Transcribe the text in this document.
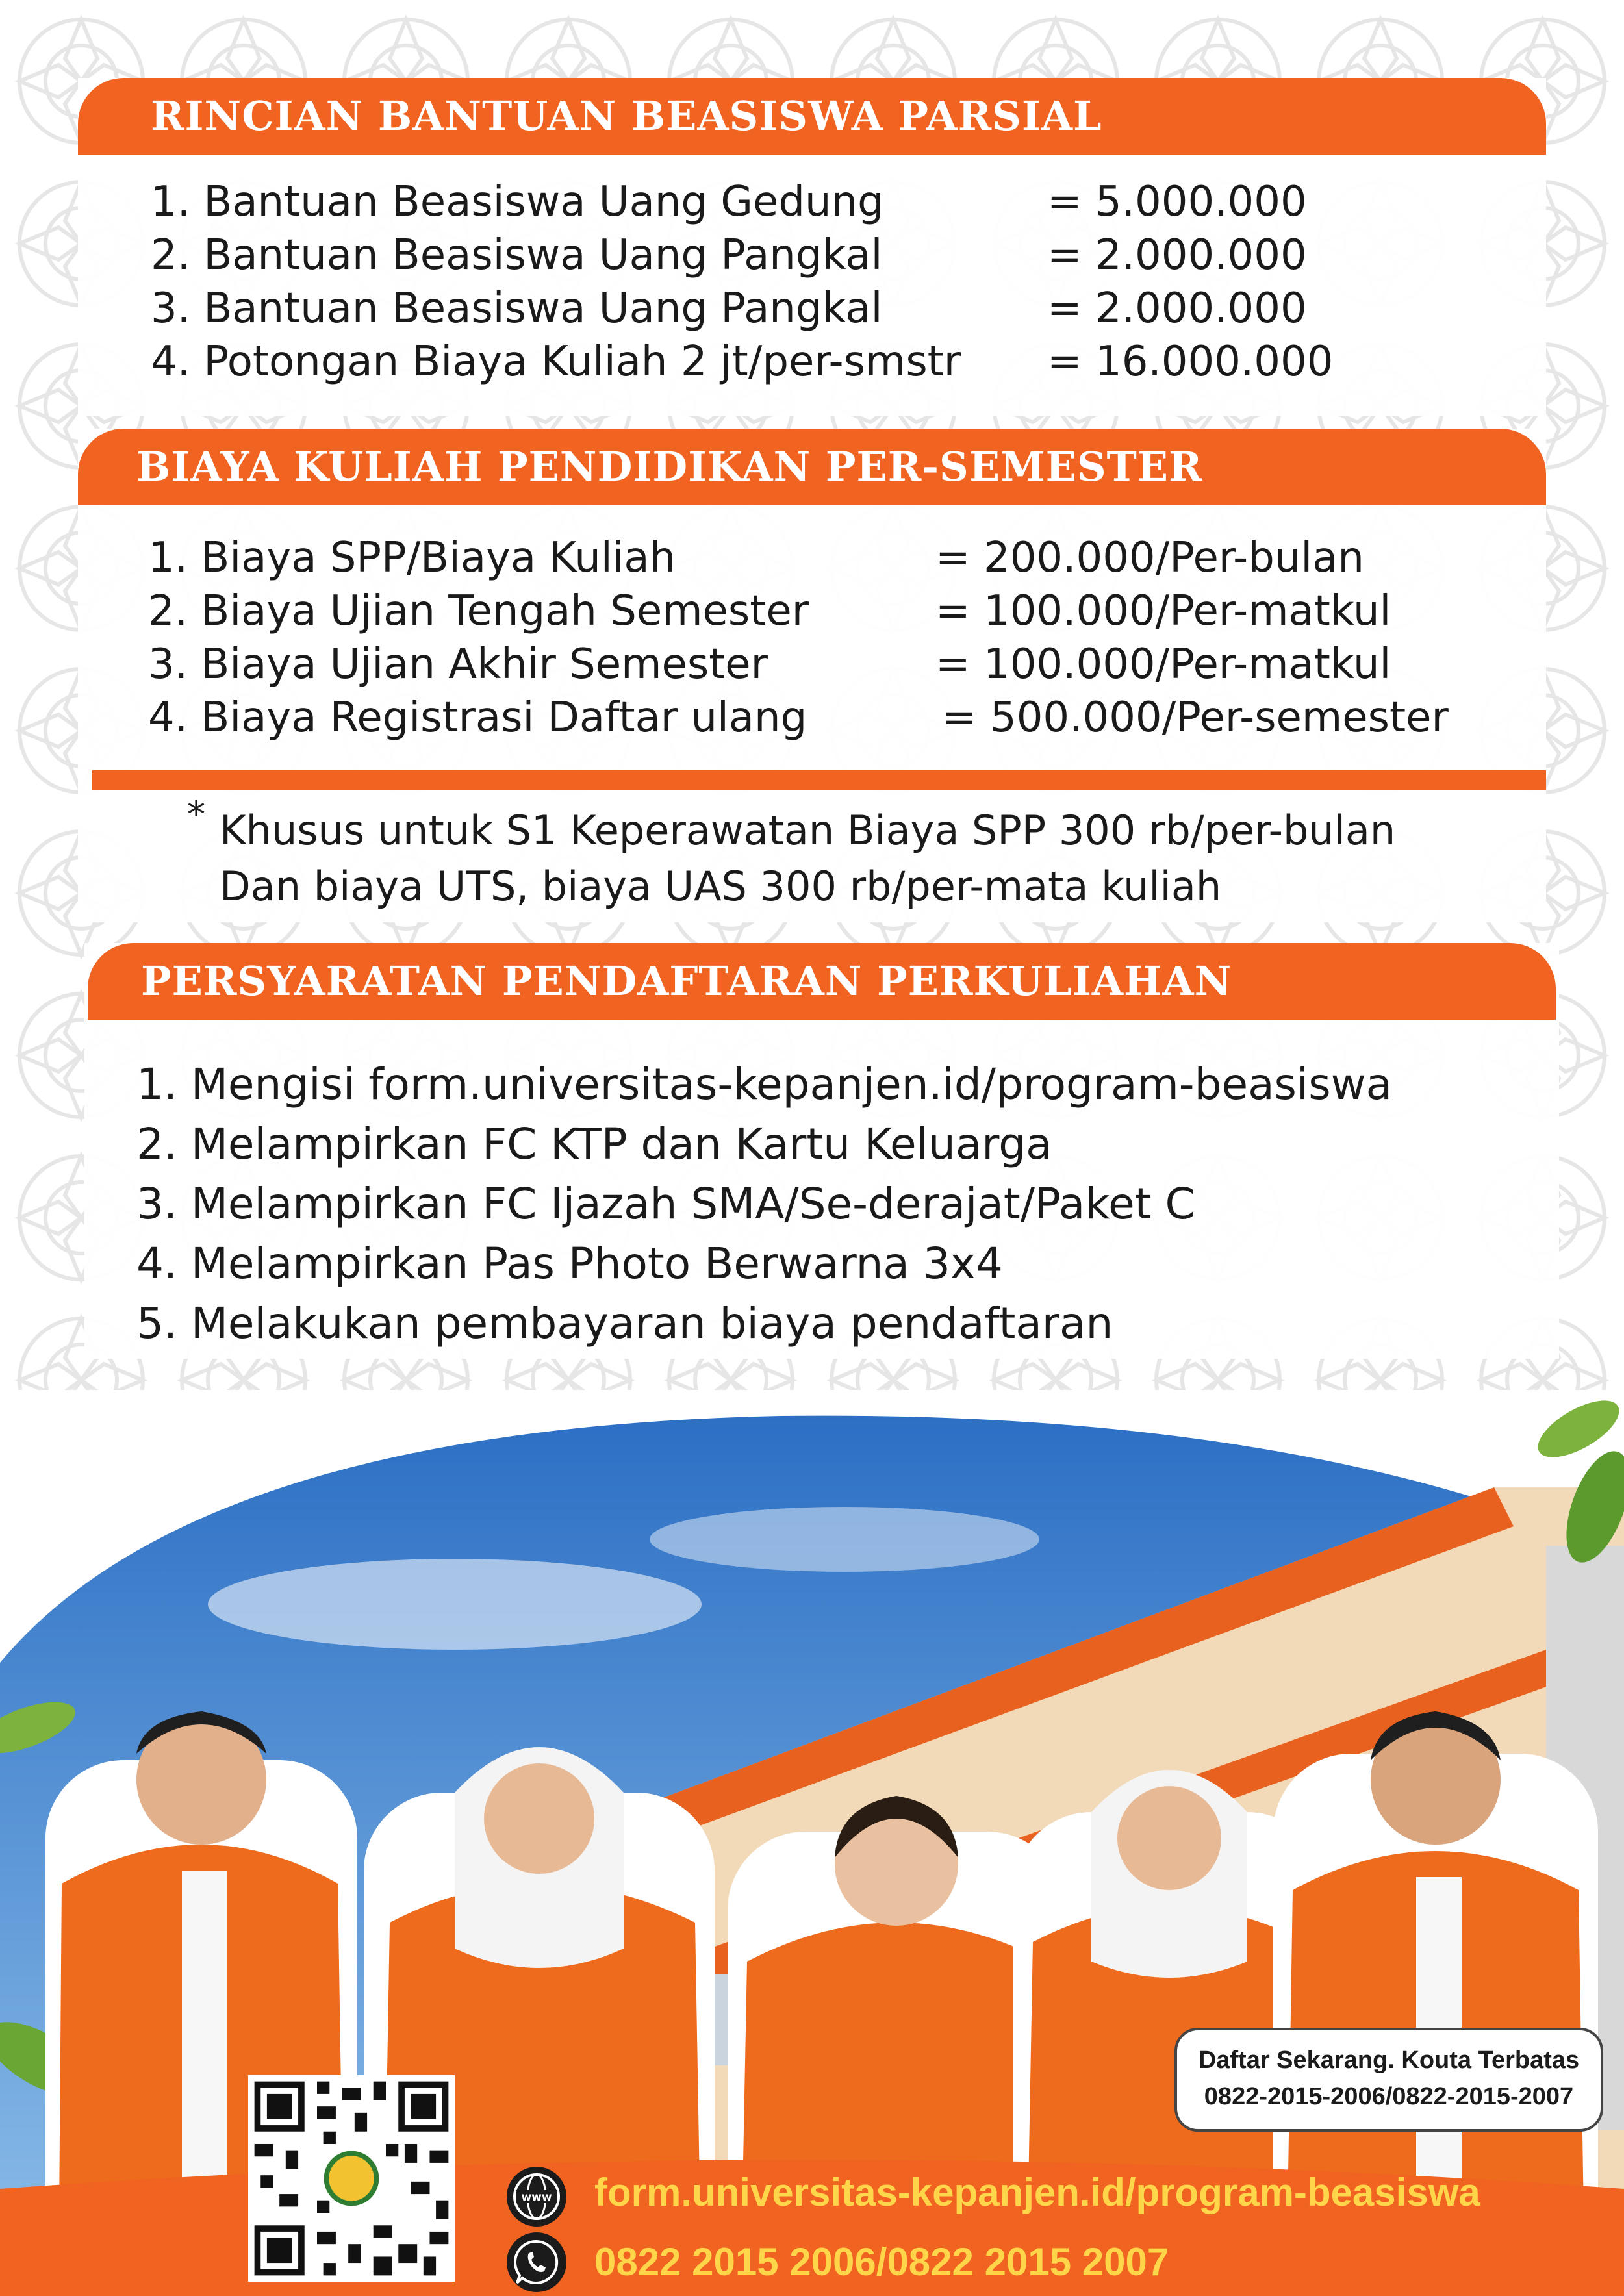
RINCIAN BANTUAN BEASISWA PARSIAL
1. Bantuan Beasiswa Uang Gedung	= 5.000.000
2. Bantuan Beasiswa Uang Pangkal	= 2.000.000
3. Bantuan Beasiswa Uang Pangkal	= 2.000.000
4. Potongan Biaya Kuliah 2 jt/per-smstr = 16.000.000
BIAYA KULIAH PENDIDIKAN PER-SEMESTER
1. Biaya SPP/Biaya Kuliah	= 200.000/Per-bulan
2. Biaya Ujian Tengah Semester	= 100.000/Per-matkul
3. Biaya Ujian Akhir Semester	= 100.000/Per-matkul
4. Biaya Registrasi Daftar ulang	= 500.000/Per-semester
* Khusus untuk S1 Keperawatan Biaya SPP 300 rb/per-bulan
Dan biaya UTS, biaya UAS 300 rb/per-mata kuliah
PERSYARATAN PENDAFTARAN PERKULIAHAN
1. Mengisi form.universitas-kepanjen.id/program-beasiswa
2. Melampirkan FC KTP dan Kartu Keluarga
3. Melampirkan FC Ijazah SMA/Se-derajat/Paket C
4. Melampirkan Pas Photo Berwarna 3x4
5. Melakukan pembayaran biaya pendaftaran
Daftar Sekarang. Kouta Terbatas
0822-2015-2006/0822-2015-2007
www form.universitas-kepanjen.id/program-beasiswa
0822 2015 2006/0822 2015 2007
